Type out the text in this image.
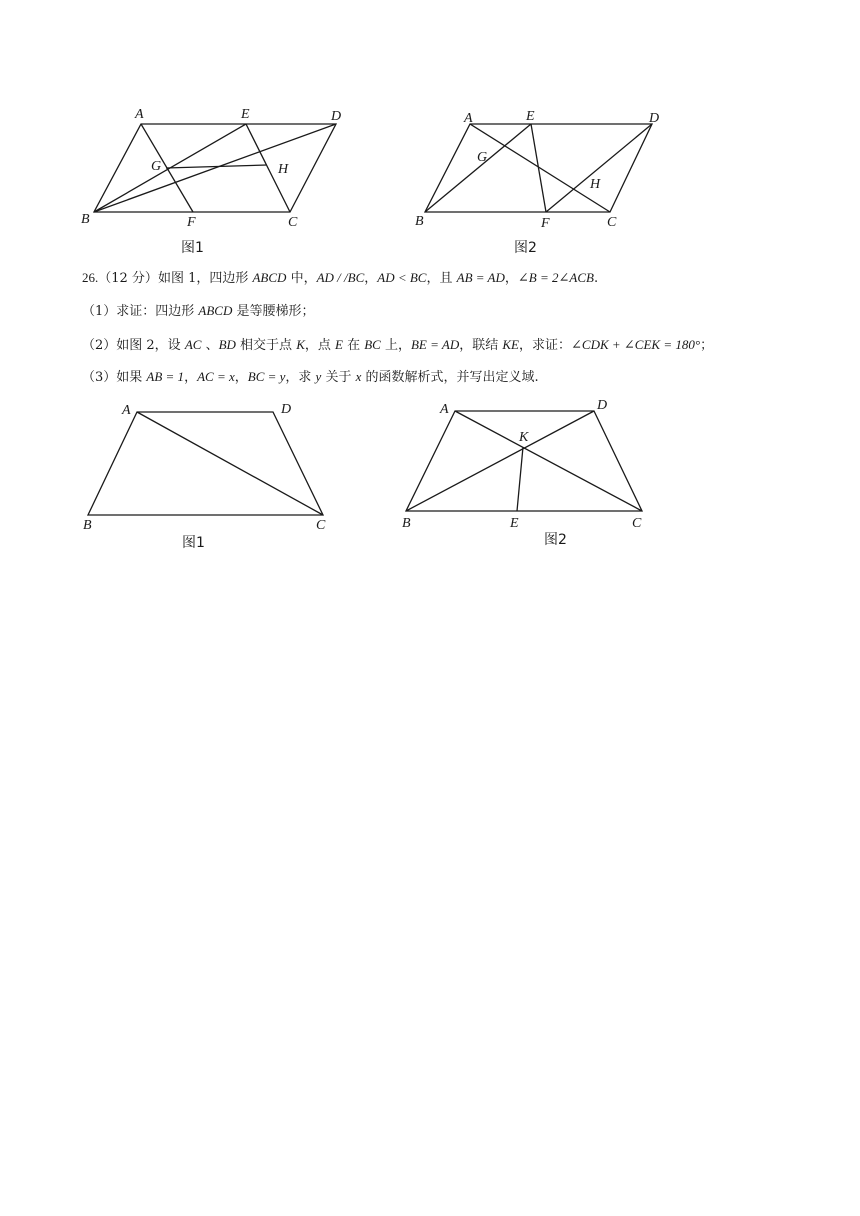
A	E	D
G	H
B	F	C
图1
A	E	D
G
H
B	F	C
图2
A	D
B	C
图1
A	D
K
B	E	C
图2
26.（12 分）如图 1，四边形 ABCD 中，AD / /BC，AD < BC，且 AB = AD，∠B = 2∠ACB.
（1）求证：四边形 ABCD 是等腰梯形；
（2）如图 2，设 AC 、BD 相交于点 K，点 E 在 BC 上，BE = AD，联结 KE，求证：∠CDK + ∠CEK = 180°；
（3）如果 AB = 1，AC = x，BC = y，求 y 关于 x 的函数解析式，并写出定义域.
